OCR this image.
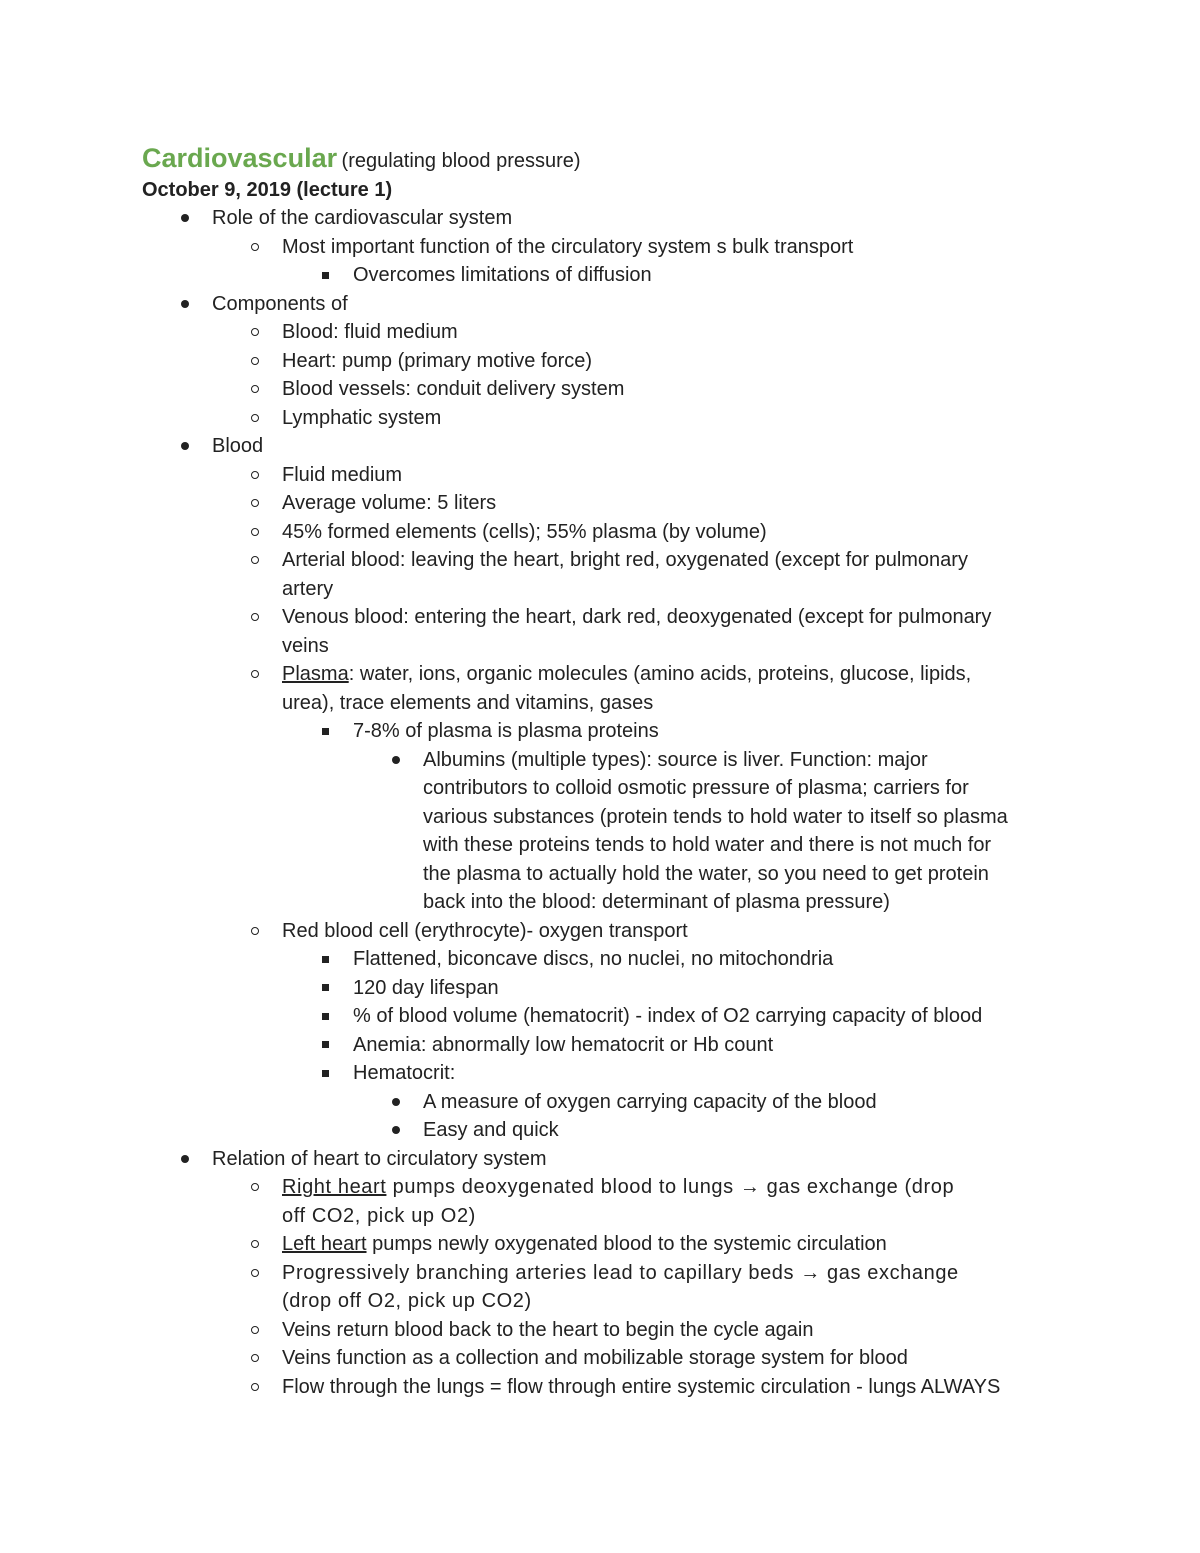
Cardiovascular (regulating blood pressure)
October 9, 2019 (lecture 1)
Role of the cardiovascular system
Most important function of the circulatory system s bulk transport
Overcomes limitations of diffusion
Components of
Blood: fluid medium
Heart: pump (primary motive force)
Blood vessels: conduit delivery system
Lymphatic system
Blood
Fluid medium
Average volume: 5 liters
45% formed elements (cells); 55% plasma (by volume)
Arterial blood: leaving the heart, bright red, oxygenated (except for pulmonary
artery
Venous blood: entering the heart, dark red, deoxygenated (except for pulmonary
veins
Plasma: water, ions, organic molecules (amino acids, proteins, glucose, lipids,
urea), trace elements and vitamins, gases
7-8% of plasma is plasma proteins
Albumins (multiple types): source is liver. Function: major
contributors to colloid osmotic pressure of plasma; carriers for
various substances (protein tends to hold water to itself so plasma
with these proteins tends to hold water and there is not much for
the plasma to actually hold the water, so you need to get protein
back into the blood: determinant of plasma pressure)
Red blood cell (erythrocyte)- oxygen transport
Flattened, biconcave discs, no nuclei, no mitochondria
120 day lifespan
% of blood volume (hematocrit) - index of O2 carrying capacity of blood
Anemia: abnormally low hematocrit or Hb count
Hematocrit:
A measure of oxygen carrying capacity of the blood
Easy and quick
Relation of heart to circulatory system
Right heart pumps deoxygenated blood to lungs → gas exchange (drop
off CO2, pick up O2)
Left heart pumps newly oxygenated blood to the systemic circulation
Progressively branching arteries lead to capillary beds → gas exchange
(drop off O2, pick up CO2)
Veins return blood back to the heart to begin the cycle again
Veins function as a collection and mobilizable storage system for blood
Flow through the lungs = flow through entire systemic circulation - lungs ALWAYS
